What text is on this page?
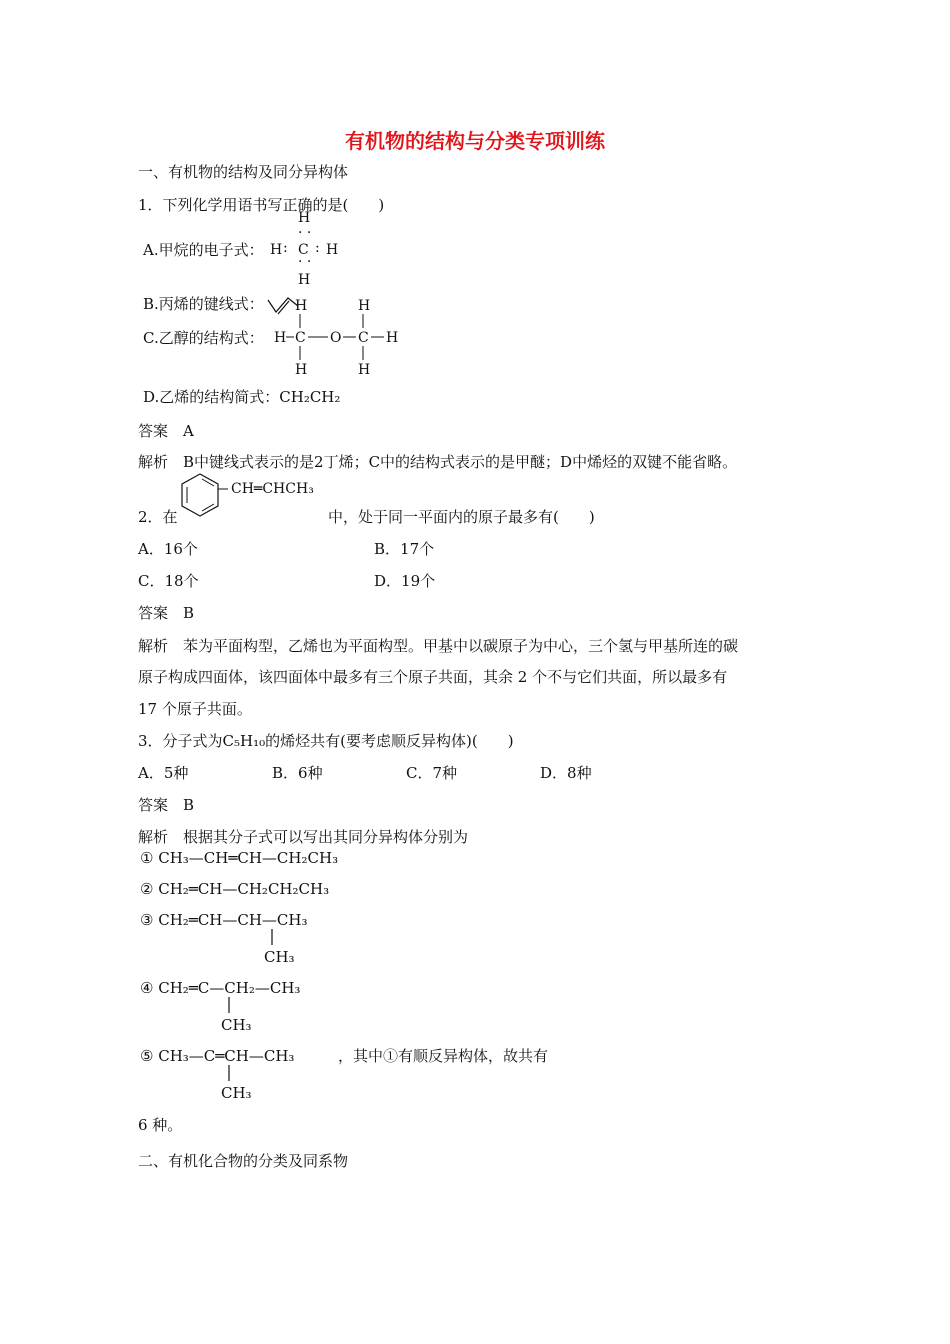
有机物的结构与分类专项训练
一、有机物的结构及同分异构体
1．下列化学用语书写正确的是(　　)
A.甲烷的电子式：
H
· ·
H : C : H
· ·
H
B.丙烯的键线式：
C.乙醇的结构式：
H	H
H C O C H
H	H
D.乙烯的结构简式：CH₂CH₂
答案　A
解析　B中键线式表示的是2丁烯；C中的结构式表示的是甲醚；D中烯烃的双键不能省略。
CH═CHCH₃
2．在	中，处于同一平面内的原子最多有(　　)
A．16个	B．17个
C．18个	D．19个
答案　B
解析　苯为平面构型，乙烯也为平面构型。甲基中以碳原子为中心，三个氢与甲基所连的碳
原子构成四面体，该四面体中最多有三个原子共面，其余 2 个不与它们共面，所以最多有
17 个原子共面。
3．分子式为C₅H₁₀的烯烃共有(要考虑顺反异构体)(　　)
A．5种	B．6种	C．7种	D．8种
答案　B
解析　根据其分子式可以写出其同分异构体分别为
① CH₃—CH═CH—CH₂CH₃
② CH₂═CH—CH₂CH₂CH₃
③ CH₂═CH—CH—CH₃
CH₃
④ CH₂═C—CH₂—CH₃
CH₃
⑤ CH₃—C═CH—CH₃	，其中①有顺反异构体，故共有
CH₃
6 种。
二、有机化合物的分类及同系物
